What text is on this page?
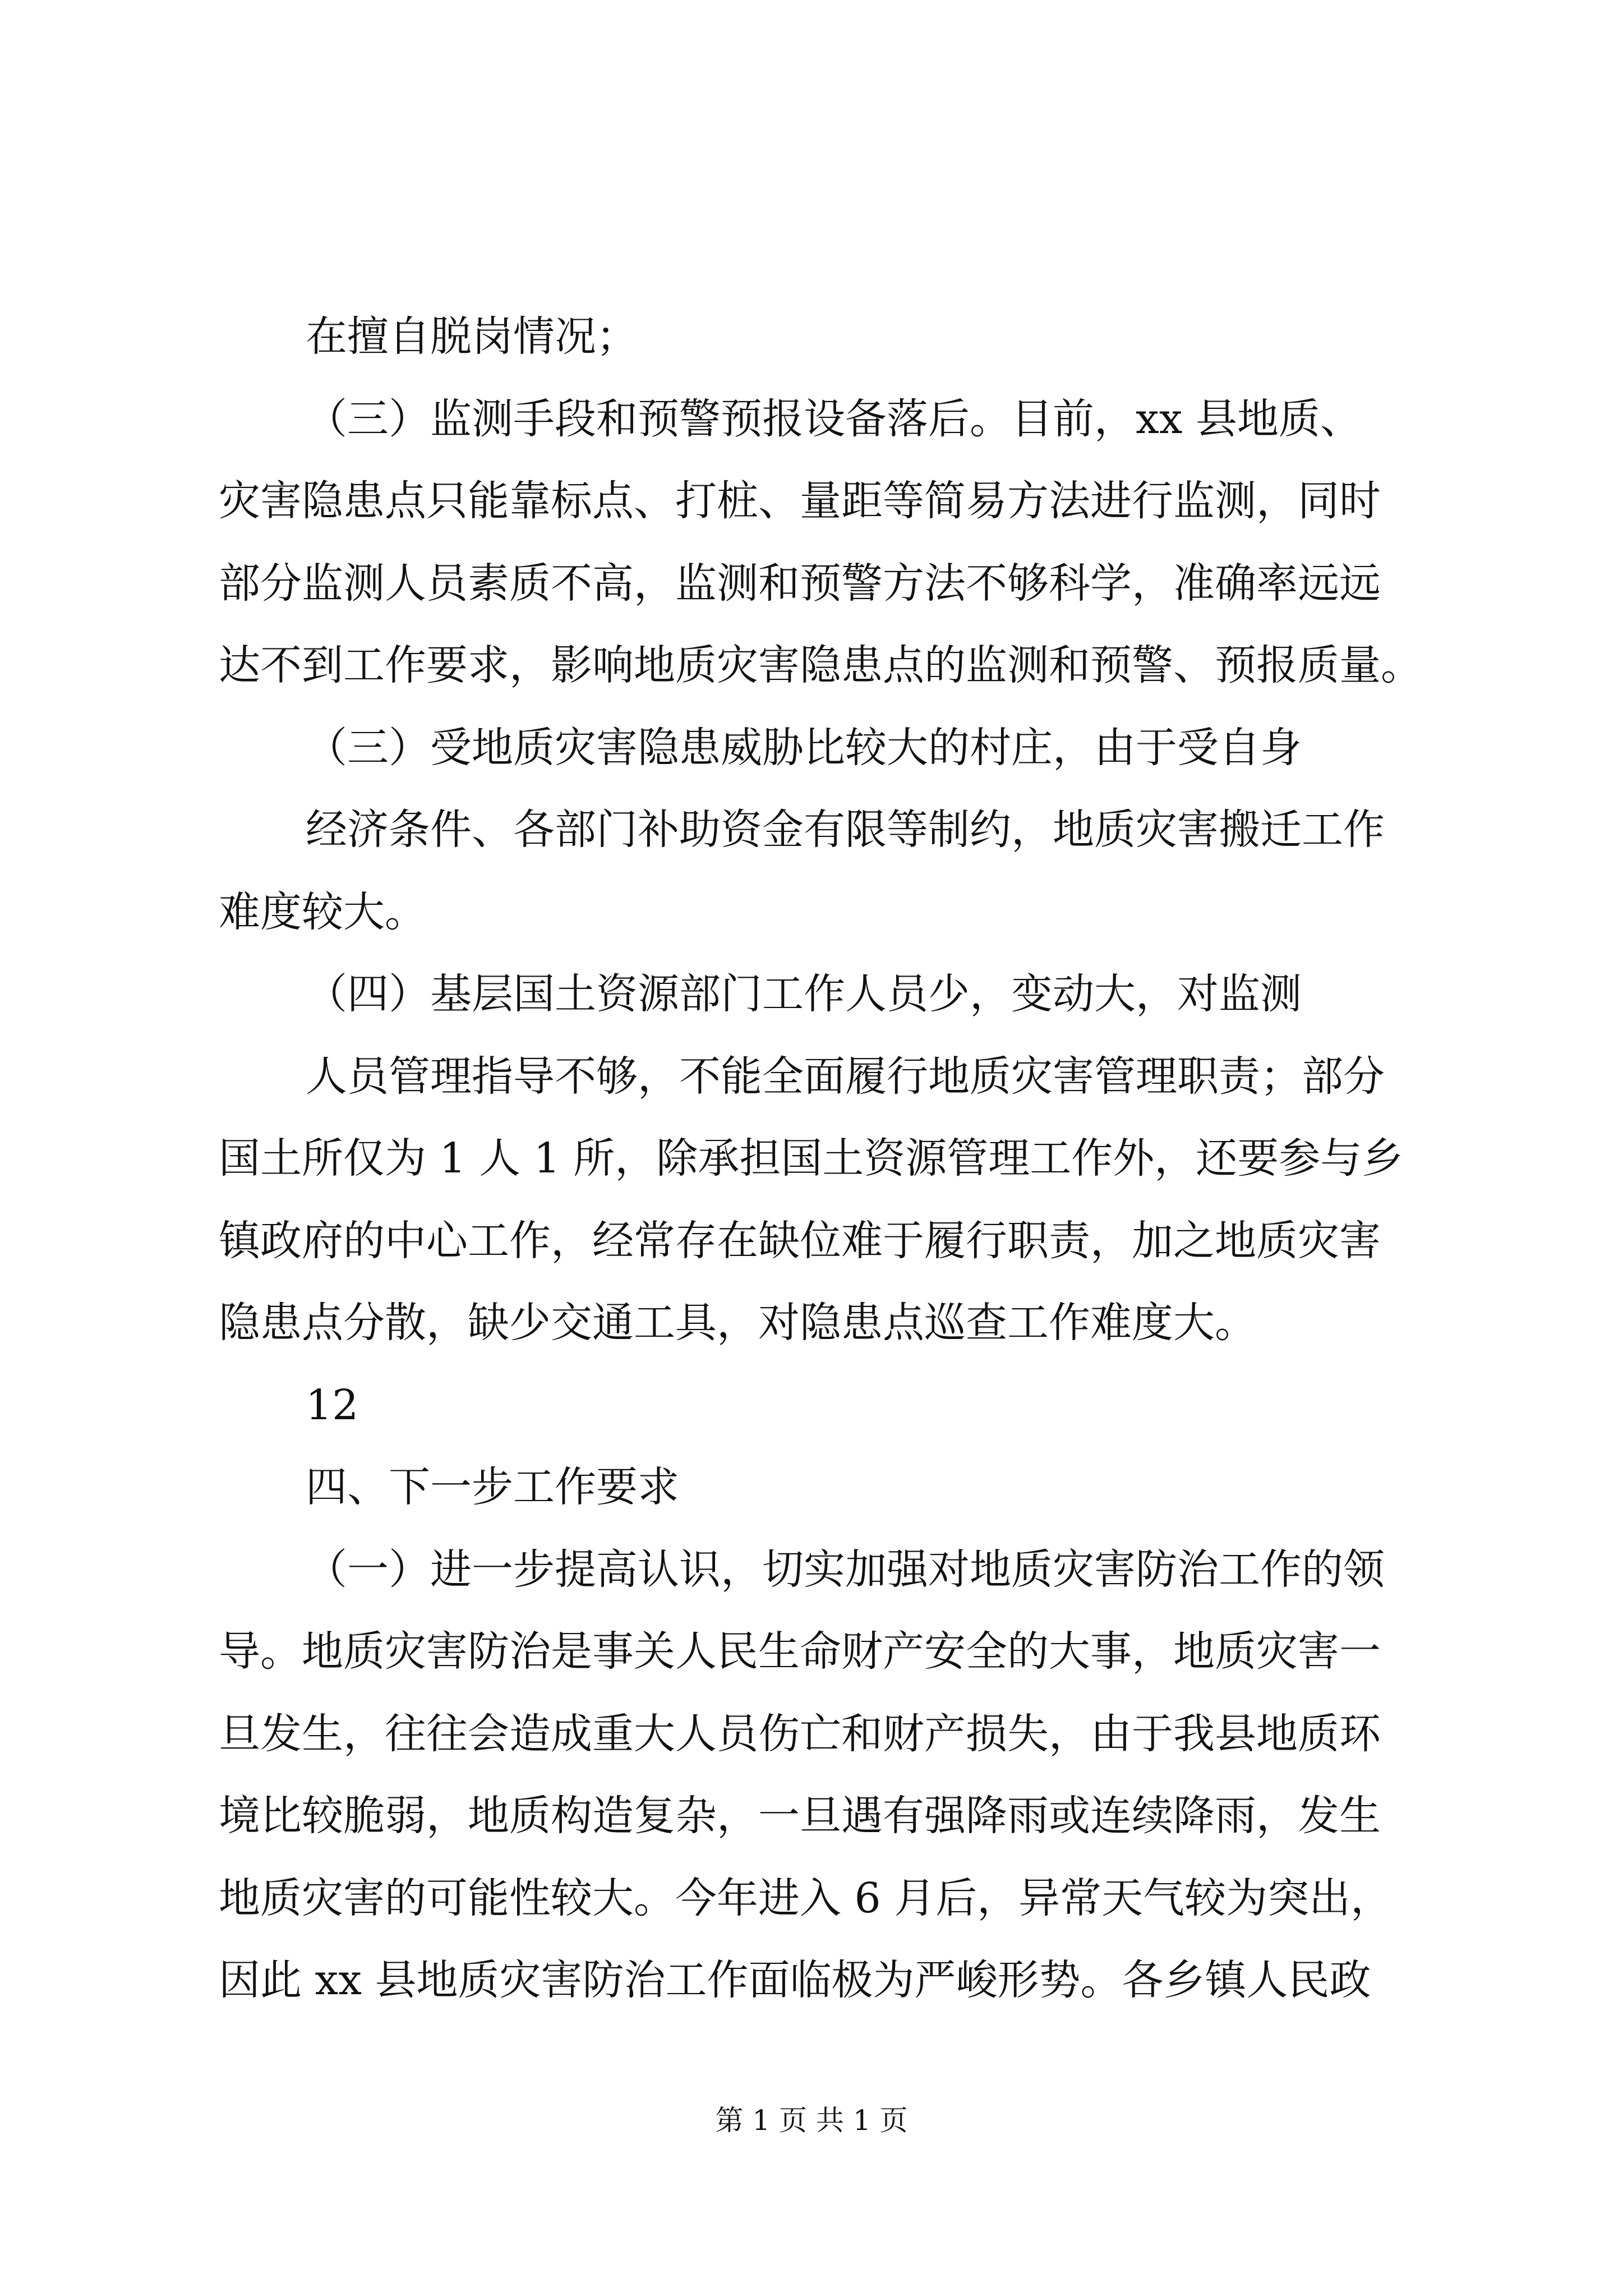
在擅自脱岗情况；
（三）监测手段和预警预报设备落后。目前，xx 县地质、
灾害隐患点只能靠标点、打桩、量距等简易方法进行监测，同时
部分监测人员素质不高，监测和预警方法不够科学，准确率远远
达不到工作要求，影响地质灾害隐患点的监测和预警、预报质量。
（三）受地质灾害隐患威胁比较大的村庄，由于受自身
经济条件、各部门补助资金有限等制约，地质灾害搬迁工作
难度较大。
（四）基层国土资源部门工作人员少，变动大，对监测
人员管理指导不够，不能全面履行地质灾害管理职责；部分
国土所仅为 1 人 1 所，除承担国土资源管理工作外，还要参与乡
镇政府的中心工作，经常存在缺位难于履行职责，加之地质灾害
隐患点分散，缺少交通工具，对隐患点巡查工作难度大。
12
四、下一步工作要求
（一）进一步提高认识，切实加强对地质灾害防治工作的领
导。地质灾害防治是事关人民生命财产安全的大事，地质灾害一
旦发生，往往会造成重大人员伤亡和财产损失，由于我县地质环
境比较脆弱，地质构造复杂，一旦遇有强降雨或连续降雨，发生
地质灾害的可能性较大。今年进入 6 月后，异常天气较为突出，
因此 xx 县地质灾害防治工作面临极为严峻形势。各乡镇人民政
第 1 页 共 1 页
